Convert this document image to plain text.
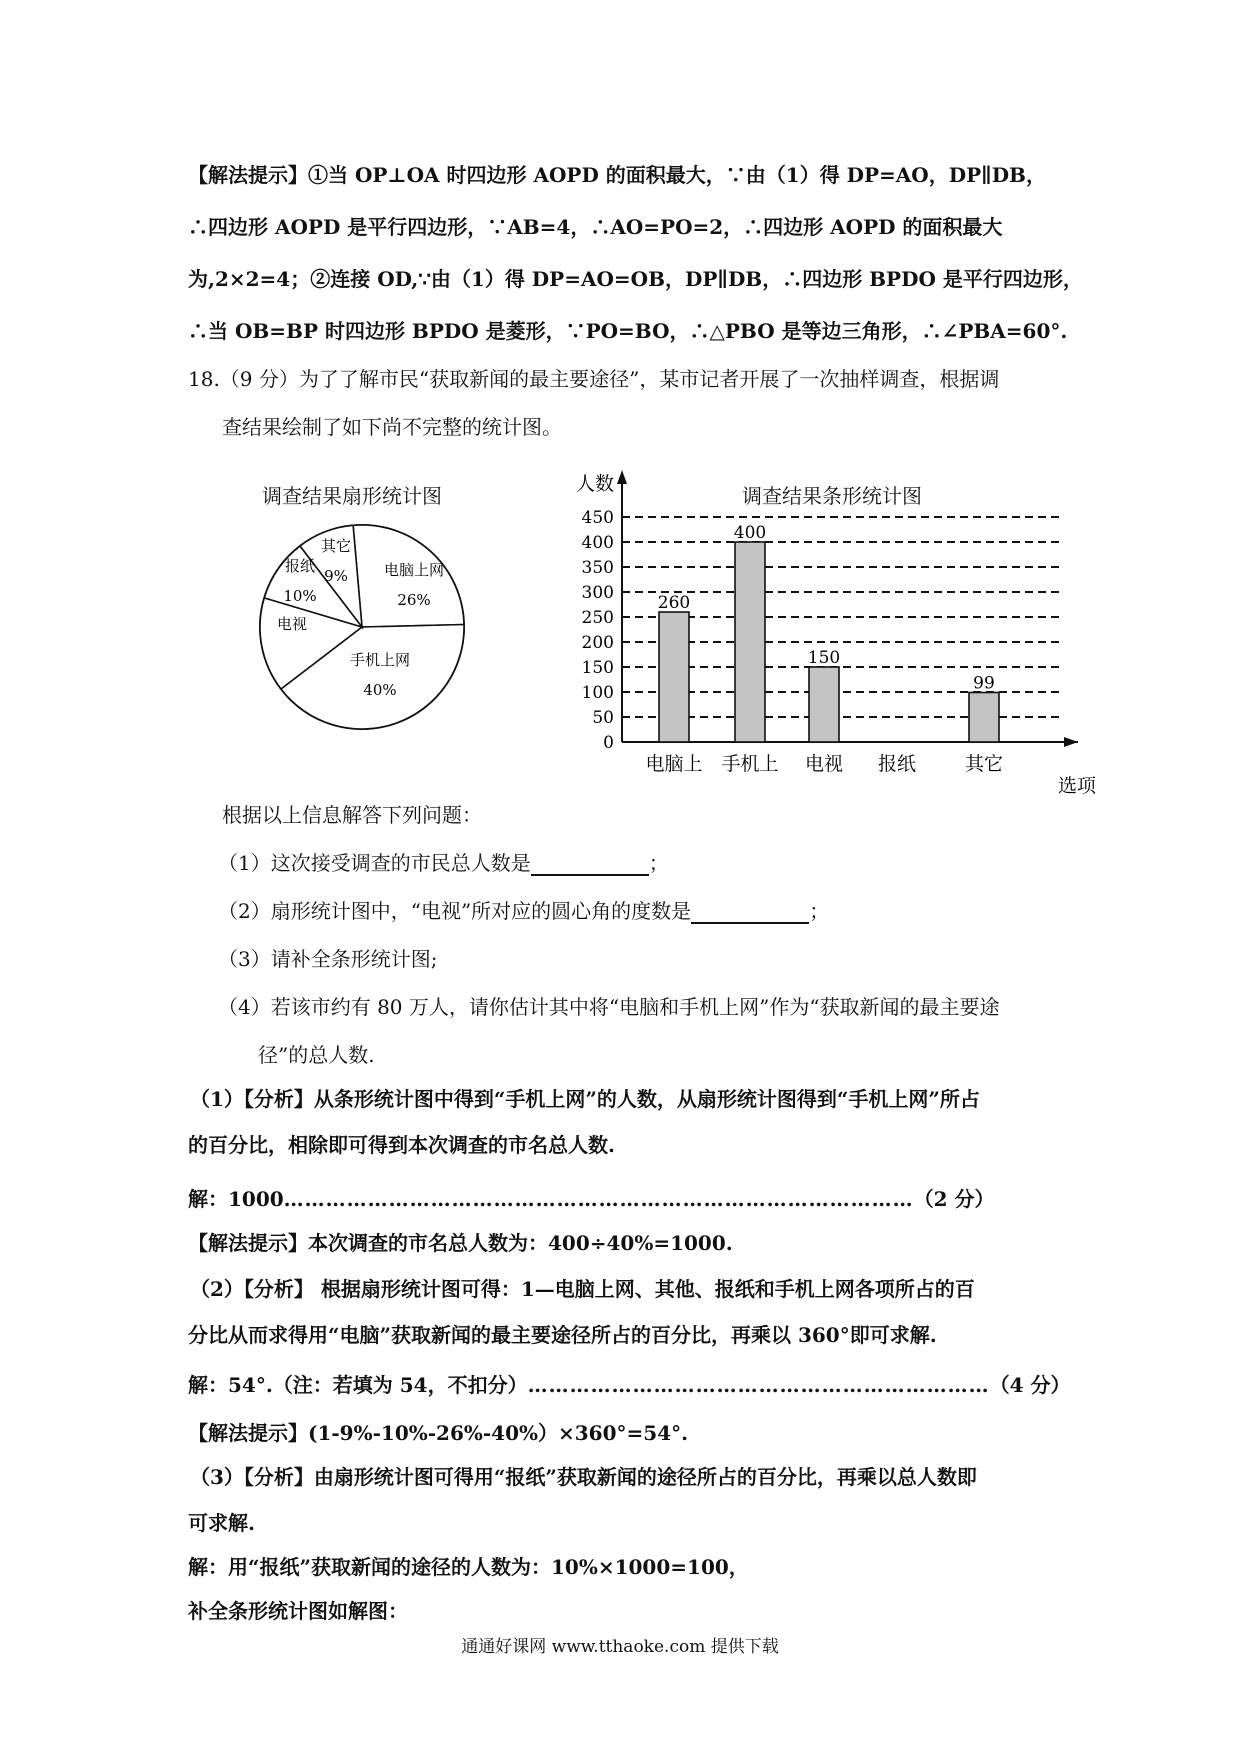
【解法提示】①当 OP⊥OA 时四边形 AOPD 的面积最大，∵由（1）得 DP=AO，DP∥DB，
∴四边形 AOPD 是平行四边形，∵AB=4，∴AO=PO=2，∴四边形 AOPD 的面积最大
为,2×2=4；②连接 OD,∵由（1）得 DP=AO=OB，DP∥DB，∴四边形 BPDO 是平行四边形，
∴当 OB=BP 时四边形 BPDO 是菱形，∵PO=BO，∴△PBO 是等边三角形，∴∠PBA=60°.
18.（9 分）为了了解市民“获取新闻的最主要途径”，某市记者开展了一次抽样调查，根据调
查结果绘制了如下尚不完整的统计图。
调查结果扇形统计图
电脑上网
26%
手机上网
40%
电视
报纸
10%
其它
9%
调查结果条形统计图
人数
选项
0
50
100
150
200
250
300
350
400
450
260
电脑上
400
手机上
150
电视 报纸
99
其它
根据以上信息解答下列问题：
（1）这次接受调查的市民总人数是	；
（2）扇形统计图中，“电视”所对应的圆心角的度数是	；
（3）请补全条形统计图;
（4）若该市约有 80 万人，请你估计其中将“电脑和手机上网”作为“获取新闻的最主要途
径”的总人数.
（1）【分析】从条形统计图中得到“手机上网”的人数，从扇形统计图得到“手机上网”所占
的百分比，相除即可得到本次调查的市名总人数.
解：1000………………………………………………………………………………（2 分）
【解法提示】本次调查的市名总人数为：400÷40%=1000.
（2）【分析】 根据扇形统计图可得：1—电脑上网、其他、报纸和手机上网各项所占的百
分比从而求得用“电脑”获取新闻的最主要途径所占的百分比，再乘以 360°即可求解.
解：54°.（注：若填为 54，不扣分）…………………………………………………………（4 分）
【解法提示】(1-9%-10%-26%-40%）×360°=54°.
（3）【分析】由扇形统计图可得用“报纸”获取新闻的途径所占的百分比，再乘以总人数即
可求解.
解：用“报纸”获取新闻的途径的人数为：10%×1000=100，
补全条形统计图如解图：
通通好课网 www.tthaoke.com 提供下载
